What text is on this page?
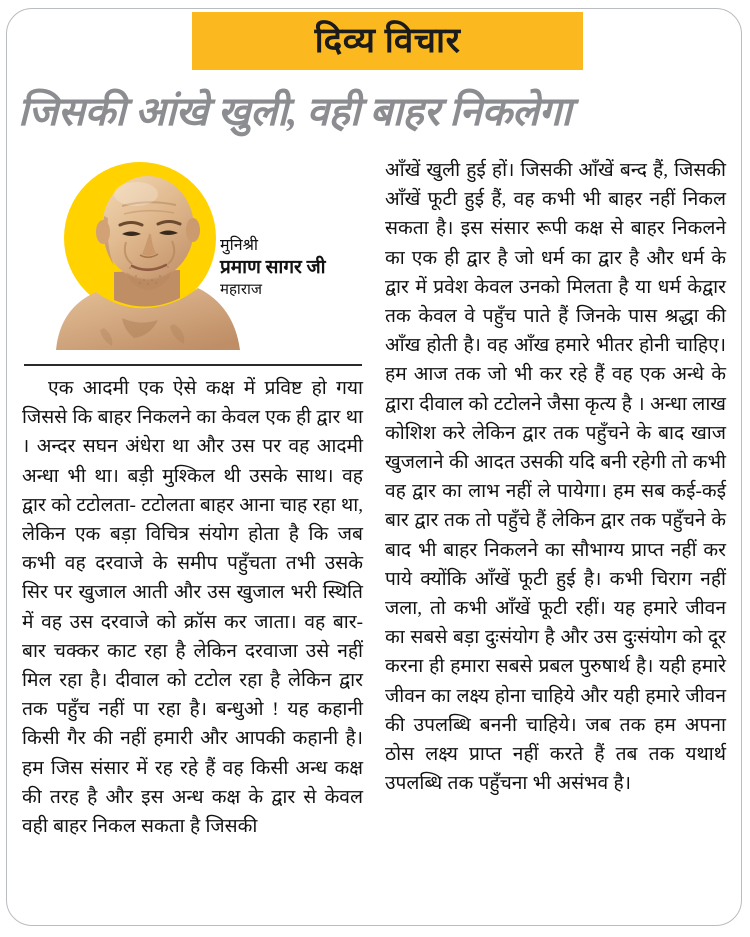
दिव्य विचार
जिसकी आंखे खुली, वही बाहर निकलेगा
मुनिश्री
प्रमाण सागर जी
महाराज

एक आदमी एक ऐसे कक्ष में प्रविष्ट हो गया जिससे कि बाहर निकलने का केवल एक ही द्वार था । अन्दर सघन अंधेरा था और उस पर वह आदमी अन्धा भी था। बड़ी मुश्किल थी उसके साथ। वह द्वार को टटोलता- टटोलता बाहर आना चाह रहा था, लेकिन एक बड़ा विचित्र संयोग होता है कि जब कभी वह दरवाजे के समीप पहुँचता तभी उसके सिर पर खुजाल आती और उस खुजाल भरी स्थिति में वह उस दरवाजे को क्रॉस कर जाता। वह बार-बार चक्कर काट रहा है लेकिन दरवाजा उसे नहीं मिल रहा है। दीवाल को टटोल रहा है लेकिन द्वार तक पहुँच नहीं पा रहा है। बन्धुओ ! यह कहानी किसी गैर की नहीं हमारी और आपकी कहानी है। हम जिस संसार में रह रहे हैं वह किसी अन्ध कक्ष की तरह है और इस अन्ध कक्ष के द्वार से केवल वही बाहर निकल सकता है जिसकी

आँखें खुली हुई हों। जिसकी आँखें बन्द हैं, जिसकी आँखें फूटी हुई हैं, वह कभी भी बाहर नहीं निकल सकता है। इस संसार रूपी कक्ष से बाहर निकलने का एक ही द्वार है जो धर्म का द्वार है और धर्म के द्वार में प्रवेश केवल उनको मिलता है या धर्म केद्वार तक केवल वे पहुँच पाते हैं जिनके पास श्रद्धा की आँख होती है। वह आँख हमारे भीतर होनी चाहिए। हम आज तक जो भी कर रहे हैं वह एक अन्धे के द्वारा दीवाल को टटोलने जैसा कृत्य है । अन्धा लाख कोशिश करे लेकिन द्वार तक पहुँचने के बाद खाज खुजलाने की आदत उसकी यदि बनी रहेगी तो कभी वह द्वार का लाभ नहीं ले पायेगा। हम सब कई-कई बार द्वार तक तो पहुँचे हैं लेकिन द्वार तक पहुँचने के बाद भी बाहर निकलने का सौभाग्य प्राप्त नहीं कर पाये क्योंकि आँखें फूटी हुई है। कभी चिराग नहीं जला, तो कभी आँखें फूटी रहीं। यह हमारे जीवन का सबसे बड़ा दुःसंयोग है और उस दुःसंयोग को दूर करना ही हमारा सबसे प्रबल पुरुषार्थ है। यही हमारे जीवन का लक्ष्य होना चाहिये और यही हमारे जीवन की उपलब्धि बननी चाहिये। जब तक हम अपना ठोस लक्ष्य प्राप्त नहीं करते हैं तब तक यथार्थ उपलब्धि तक पहुँचना भी असंभव है।
